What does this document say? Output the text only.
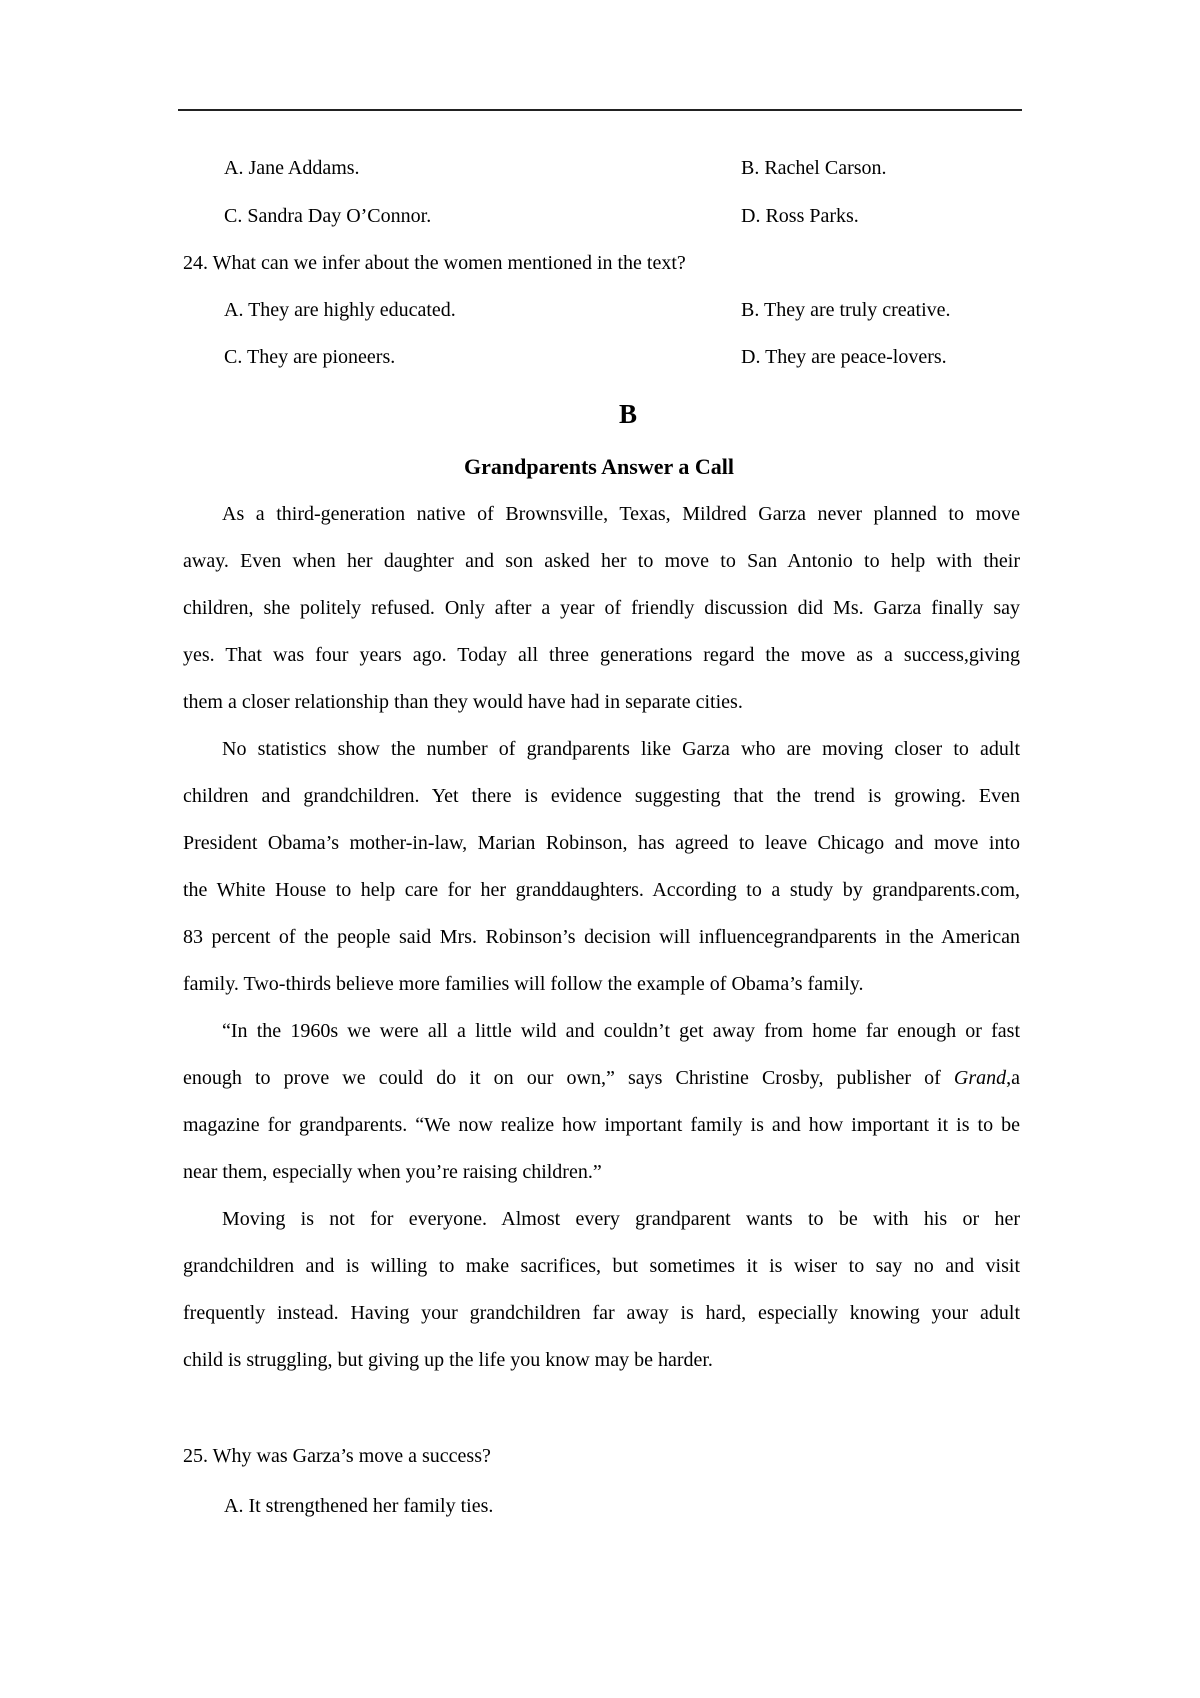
A. Jane Addams.	B. Rachel Carson.
C. Sandra Day O’Connor.	D. Ross Parks.
24. What can we infer about the women mentioned in the text?
A. They are highly educated.	B. They are truly creative.
C. They are pioneers.	D. They are peace-lovers.
B
Grandparents Answer a Call
As a third-generation native of Brownsville, Texas, Mildred Garza never planned to move
away. Even when her daughter and son asked her to move to San Antonio to help with their
children, she politely refused. Only after a year of friendly discussion did Ms. Garza finally say
yes. That was four years ago. Today all three generations regard the move as a success,giving
them a closer relationship than they would have had in separate cities.
No statistics show the number of grandparents like Garza who are moving closer to adult
children and grandchildren. Yet there is evidence suggesting that the trend is growing. Even
President Obama’s mother-in-law, Marian Robinson, has agreed to leave Chicago and move into
the White House to help care for her granddaughters. According to a study by grandparents.com,
83 percent of the people said Mrs. Robinson’s decision will influencegrandparents in the American
family. Two-thirds believe more families will follow the example of Obama’s family.
“In the 1960s we were all a little wild and couldn’t get away from home far enough or fast
enough to prove we could do it on our own,” says Christine Crosby, publisher of Grand,a
magazine for grandparents. “We now realize how important family is and how important it is to be
near them, especially when you’re raising children.”
Moving is not for everyone. Almost every grandparent wants to be with his or her
grandchildren and is willing to make sacrifices, but sometimes it is wiser to say no and visit
frequently instead. Having your grandchildren far away is hard, especially knowing your adult
child is struggling, but giving up the life you know may be harder.
25. Why was Garza’s move a success?
A. It strengthened her family ties.
